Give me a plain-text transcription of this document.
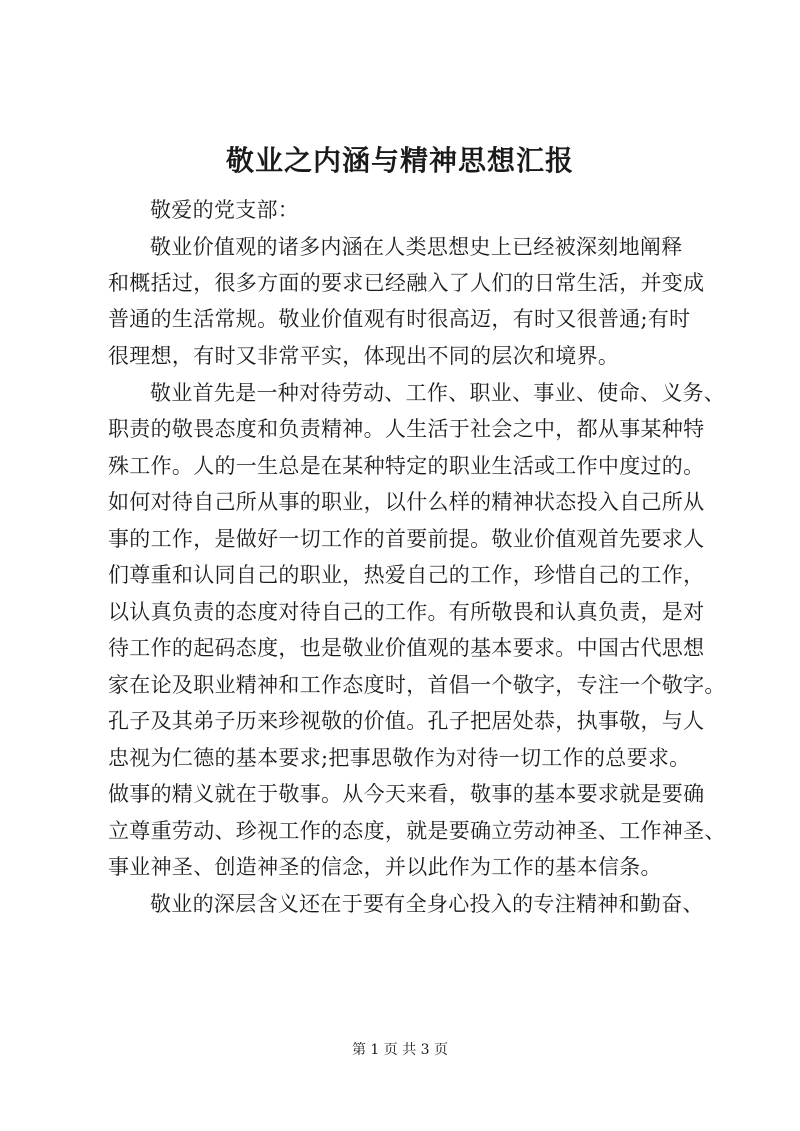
敬业之内涵与精神思想汇报
敬爱的党支部：
敬业价值观的诸多内涵在人类思想史上已经被深刻地阐释
和概括过，很多方面的要求已经融入了人们的日常生活，并变成
普通的生活常规。敬业价值观有时很高迈，有时又很普通;有时
很理想，有时又非常平实，体现出不同的层次和境界。
敬业首先是一种对待劳动、工作、职业、事业、使命、义务、
职责的敬畏态度和负责精神。人生活于社会之中，都从事某种特
殊工作。人的一生总是在某种特定的职业生活或工作中度过的。
如何对待自己所从事的职业，以什么样的精神状态投入自己所从
事的工作，是做好一切工作的首要前提。敬业价值观首先要求人
们尊重和认同自己的职业，热爱自己的工作，珍惜自己的工作，
以认真负责的态度对待自己的工作。有所敬畏和认真负责，是对
待工作的起码态度，也是敬业价值观的基本要求。中国古代思想
家在论及职业精神和工作态度时，首倡一个敬字，专注一个敬字。
孔子及其弟子历来珍视敬的价值。孔子把居处恭，执事敬，与人
忠视为仁德的基本要求;把事思敬作为对待一切工作的总要求。
做事的精义就在于敬事。从今天来看，敬事的基本要求就是要确
立尊重劳动、珍视工作的态度，就是要确立劳动神圣、工作神圣、
事业神圣、创造神圣的信念，并以此作为工作的基本信条。
敬业的深层含义还在于要有全身心投入的专注精神和勤奋、
第 1 页 共 3 页
